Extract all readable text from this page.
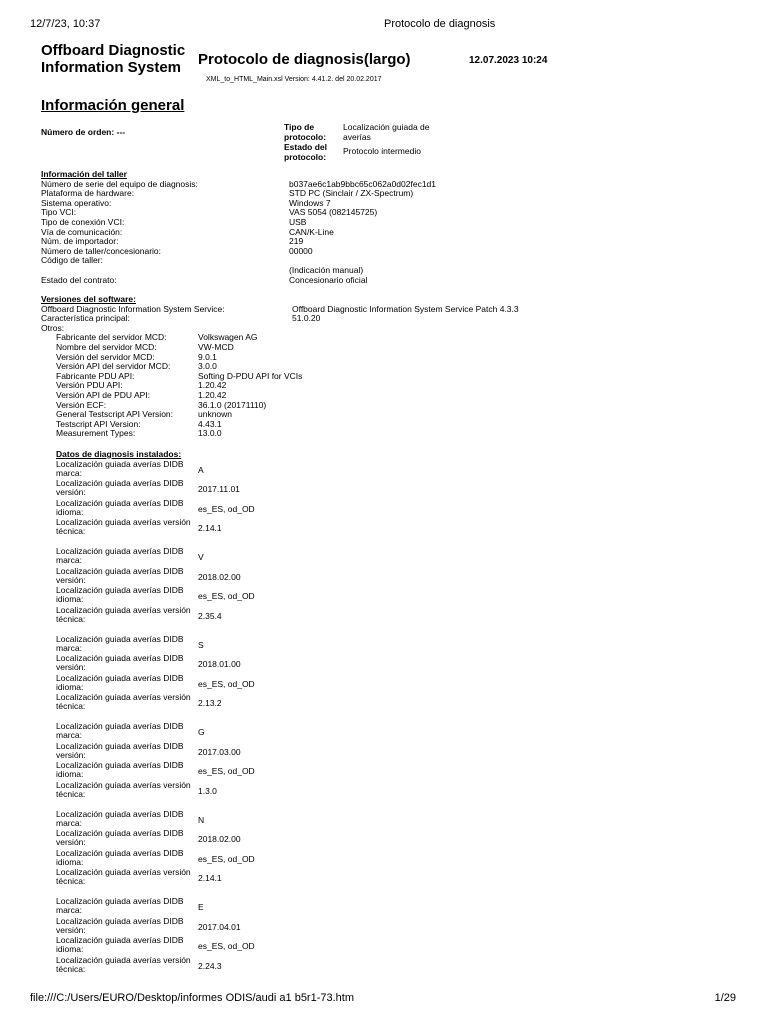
12/7/23, 10:37	Protocolo de diagnosis
Offboard Diagnostic Information System	Protocolo de diagnosis(largo)	12.07.2023 10:24
XML_to_HTML_Main.xsl Version: 4.41.2. del 20.02.2017
Información general
Número de orden: ---	Tipo de protocolo:
Localización guiada de averías
Estado del protocolo:
Protocolo intermedio
Información del taller
Número de serie del equipo de diagnosis:	b037ae6c1ab9bbc65c062a0d02fec1d1
Plataforma de hardware:	STD PC (Sinclair / ZX-Spectrum)
Sistema operativo:	Windows 7
Tipo VCI:	VAS 5054 (082145725)
Tipo de conexión VCI:	USB
Vía de comunicación:	CAN/K-Line
Núm. de importador:	219
Número de taller/concesionario:	00000
Código de taller:
(Indicación manual)
Estado del contrato:	Concesionario oficial
Versiones del software:
Offboard Diagnostic Information System Service:	Offboard Diagnostic Information System Service Patch 4.3.3
Característica principal:	51.0.20
Otros:
Fabricante del servidor MCD:	Volkswagen AG
Nombre del servidor MCD:	VW-MCD
Versión del servidor MCD:	9.0.1
Versión API del servidor MCD:	3.0.0
Fabricante PDU API:	Softing D-PDU API for VCIs
Versión PDU API:	1.20.42
Versión API de PDU API:	1.20.42
Versión ECF:	36.1.0 (20171110)
General Testscript API Version:	unknown
Testscript API Version:	4.43.1
Measurement Types:	13.0.0
Datos de diagnosis instalados:
Localización guiada averías DIDB marca:	A
Localización guiada averías DIDB versión:	2017.11.01
Localización guiada averías DIDB idioma:	es_ES, od_OD
Localización guiada averías versión técnica:	2.14.1
Localización guiada averías DIDB marca:	V
Localización guiada averías DIDB versión:	2018.02.00
Localización guiada averías DIDB idioma:	es_ES, od_OD
Localización guiada averías versión técnica:	2.35.4
Localización guiada averías DIDB marca:	S
Localización guiada averías DIDB versión:	2018.01.00
Localización guiada averías DIDB idioma:	es_ES, od_OD
Localización guiada averías versión técnica:	2.13.2
Localización guiada averías DIDB marca:	G
Localización guiada averías DIDB versión:	2017.03.00
Localización guiada averías DIDB idioma:	es_ES, od_OD
Localización guiada averías versión técnica:	1.3.0
Localización guiada averías DIDB marca:	N
Localización guiada averías DIDB versión:	2018.02.00
Localización guiada averías DIDB idioma:	es_ES, od_OD
Localización guiada averías versión técnica:	2.14.1
Localización guiada averías DIDB marca:	E
Localización guiada averías DIDB versión:	2017.04.01
Localización guiada averías DIDB idioma:	es_ES, od_OD
Localización guiada averías versión técnica:	2.24.3
file:///C:/Users/EURO/Desktop/informes ODIS/audi a1 b5r1-73.htm	1/29
